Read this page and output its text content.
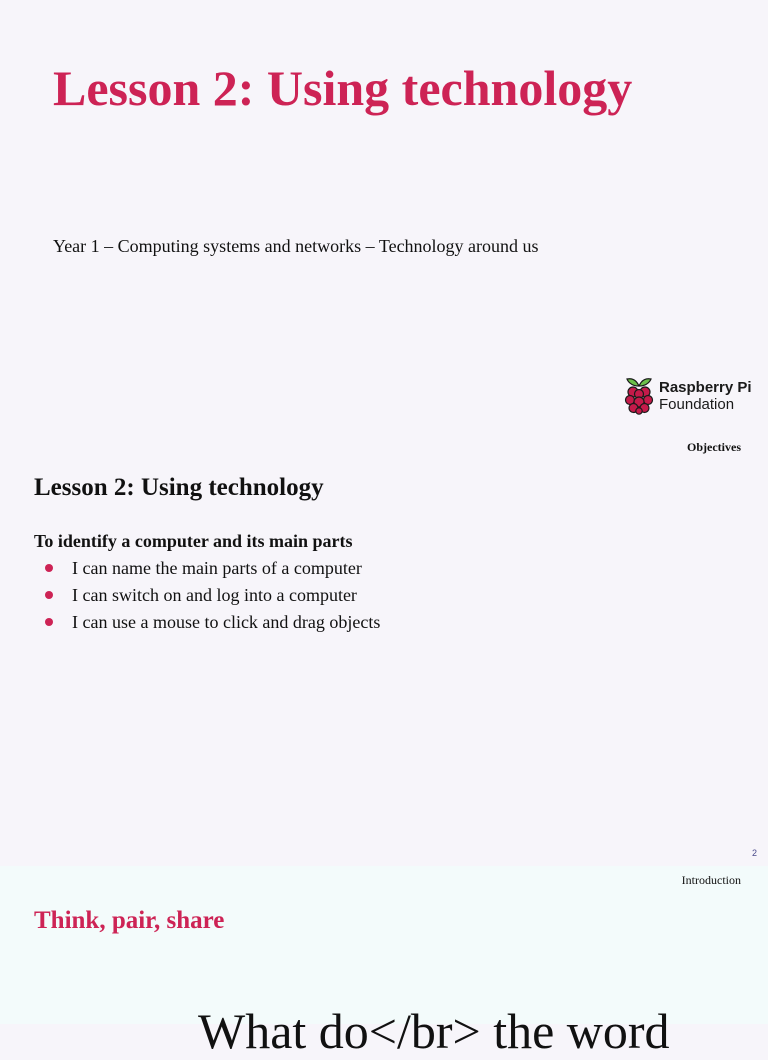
Lesson 2: Using technology

Year 1 – Computing systems and networks – Technology around us

Raspberry Pi
Foundation

Objectives

Lesson 2: Using technology

To identify a computer and its main parts

I can name the main parts of a computer
I can switch on and log into a computer
I can use a mouse to click and drag objects

2

Introduction

Think, pair, share

What do</br> the word
